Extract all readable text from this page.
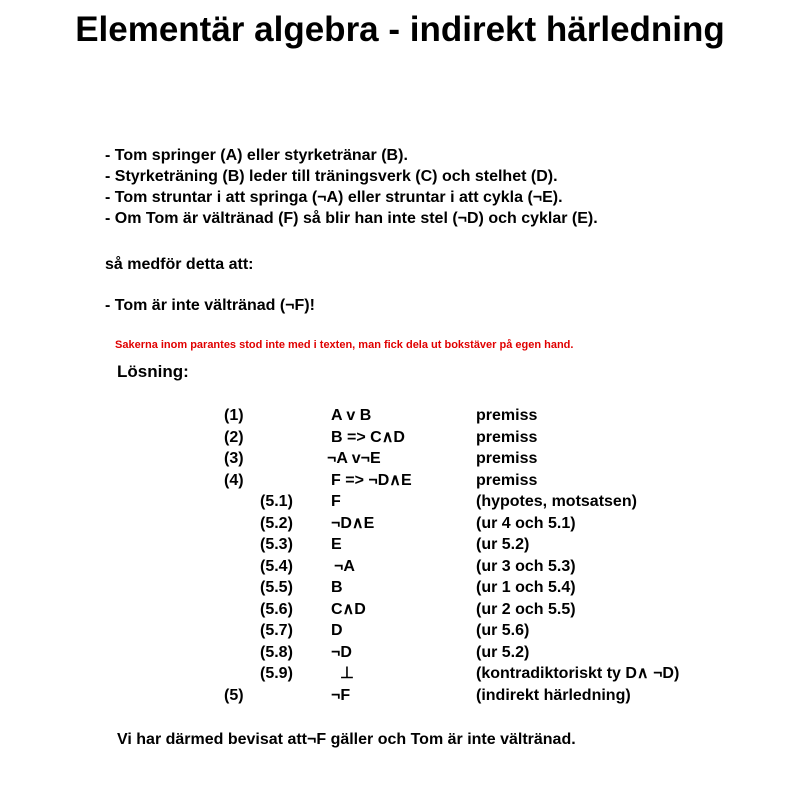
Elementär algebra - indirekt härledning
- Tom springer (A) eller styrketränar (B).
- Styrketräning (B) leder till träningsverk (C) och stelhet (D).
- Tom struntar i att springa (¬A) eller struntar i att cykla (¬E).
- Om Tom är vältränad (F) så blir han inte stel (¬D) och cyklar (E).
så medför detta att:
- Tom är inte vältränad (¬F)!
Sakerna inom parantes stod inte med i texten, man fick dela ut bokstäver på egen hand.
Lösning:
(1)	A v B	premiss
(2)	B => C∧D	premiss
(3)	¬A v¬E	premiss
(4)	F => ¬D∧E	premiss
(5.1) F	(hypotes, motsatsen)
(5.2) ¬D∧E	(ur 4 och 5.1)
(5.3) E	(ur 5.2)
(5.4)	¬A	(ur 3 och 5.3)
(5.5) B	(ur 1 och 5.4)
(5.6) C∧D	(ur 2 och 5.5)
(5.7) D	(ur 5.6)
(5.8) ¬D	(ur 5.2)
(5.9)	⊥	(kontradiktoriskt ty D∧ ¬D)
(5)	¬F	(indirekt härledning)
Vi har därmed bevisat att¬F gäller och Tom är inte vältränad.
